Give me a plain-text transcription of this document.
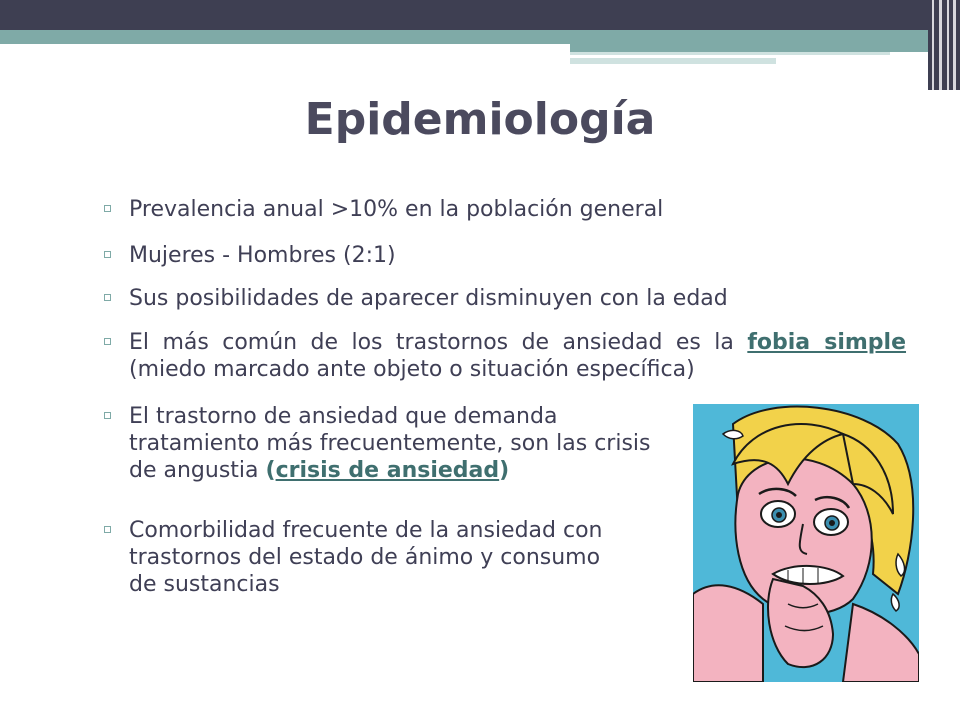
Epidemiología
Prevalencia anual >10% en la población general
Mujeres - Hombres (2:1)
Sus posibilidades de aparecer disminuyen con la edad
El más común de los trastornos de ansiedad es la fobia simple (miedo marcado ante objeto o situación específica)
El trastorno de ansiedad que demanda tratamiento más frecuentemente, son las crisis de angustia (crisis de ansiedad)
Comorbilidad frecuente de la ansiedad con trastornos del estado de ánimo y consumo de sustancias
